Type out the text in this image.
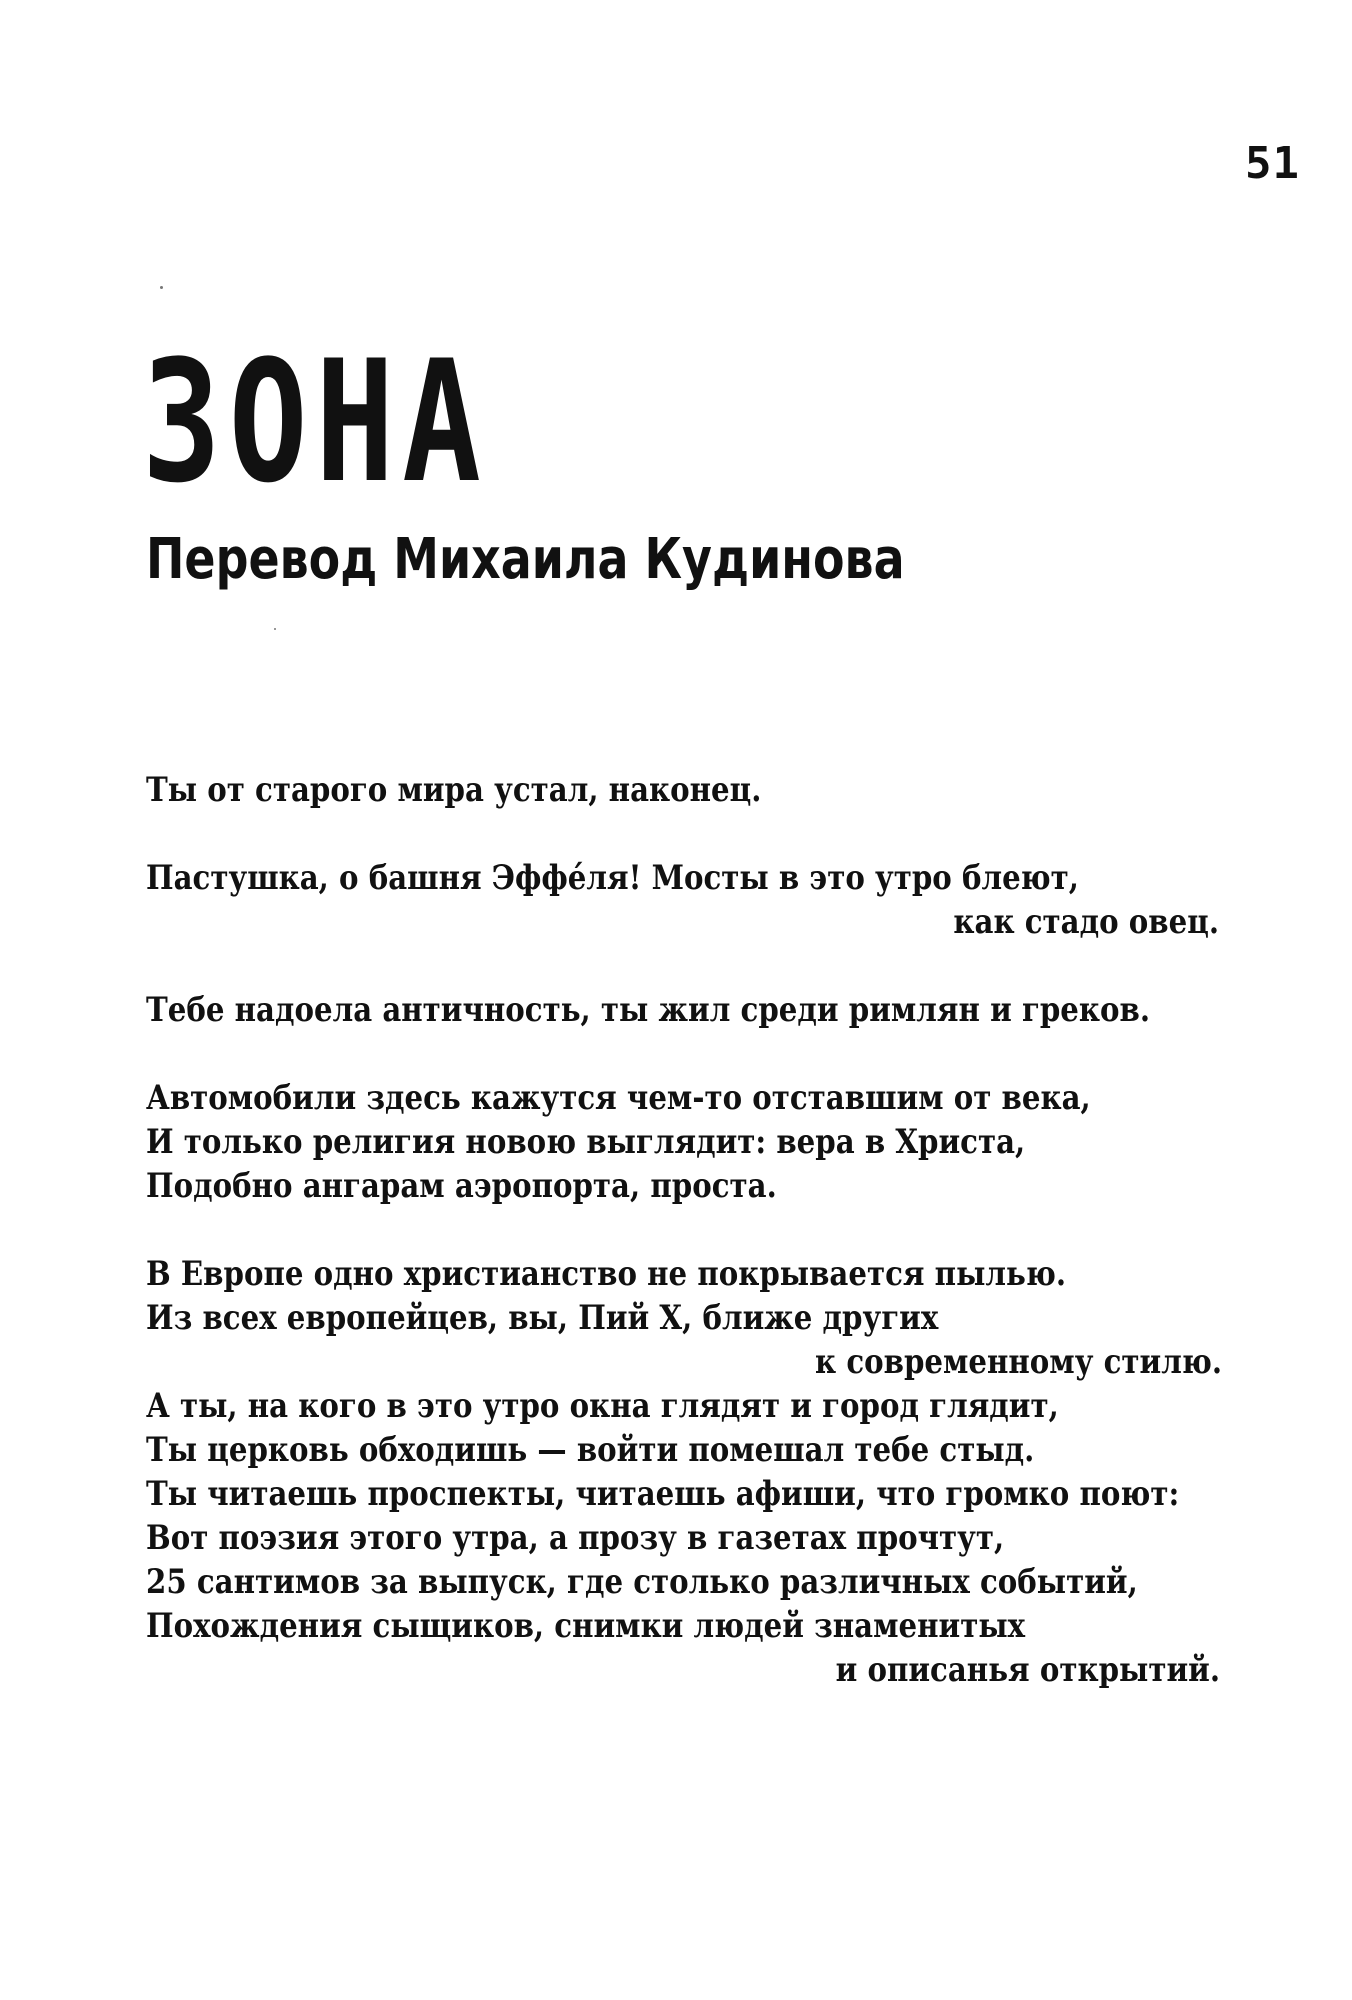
51
ЗОНА
Перевод Михаила Кудинова
Ты от старого мира устал, наконец.
Пастушка, о башня Эффе́ля! Мосты в это утро блеют,
как стадо овец.
Тебе надоела античность, ты жил среди римлян и греков.
Автомобили здесь кажутся чем-то отставшим от века,
И только религия новою выглядит: вера в Христа,
Подобно ангарам аэропорта, проста.
В Европе одно христианство не покрывается пылью.
Из всех европейцев, вы, Пий Х, ближе других
к современному стилю.
А ты, на кого в это утро окна глядят и город глядит,
Ты церковь обходишь — войти помешал тебе стыд.
Ты читаешь проспекты, читаешь афиши, что громко поют:
Вот поэзия этого утра, а прозу в газетах прочтут,
25 сантимов за выпуск, где столько различных событий,
Похождения сыщиков, снимки людей знаменитых
и описанья открытий.
